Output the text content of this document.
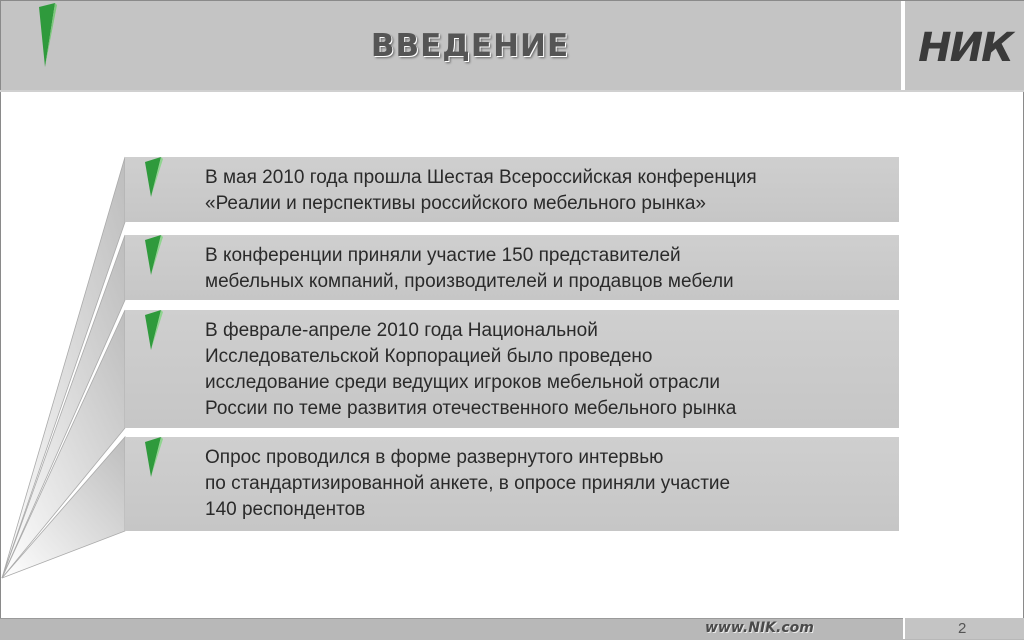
НИК
ВВЕДЕНИЕ
В мая 2010 года прошла Шестая Всероссийская конференция
«Реалии и перспективы российского мебельного рынка»
В конференции приняли участие 150 представителей
мебельных компаний, производителей и продавцов мебели
В феврале-апреле 2010 года Национальной
Исследовательской Корпорацией было проведено
исследование среди ведущих игроков мебельной отрасли
России по теме развития отечественного мебельного рынка
Опрос проводился в форме развернутого интервью
по стандартизированной анкете, в опросе приняли участие
140 респондентов
www.NIK.com	2
